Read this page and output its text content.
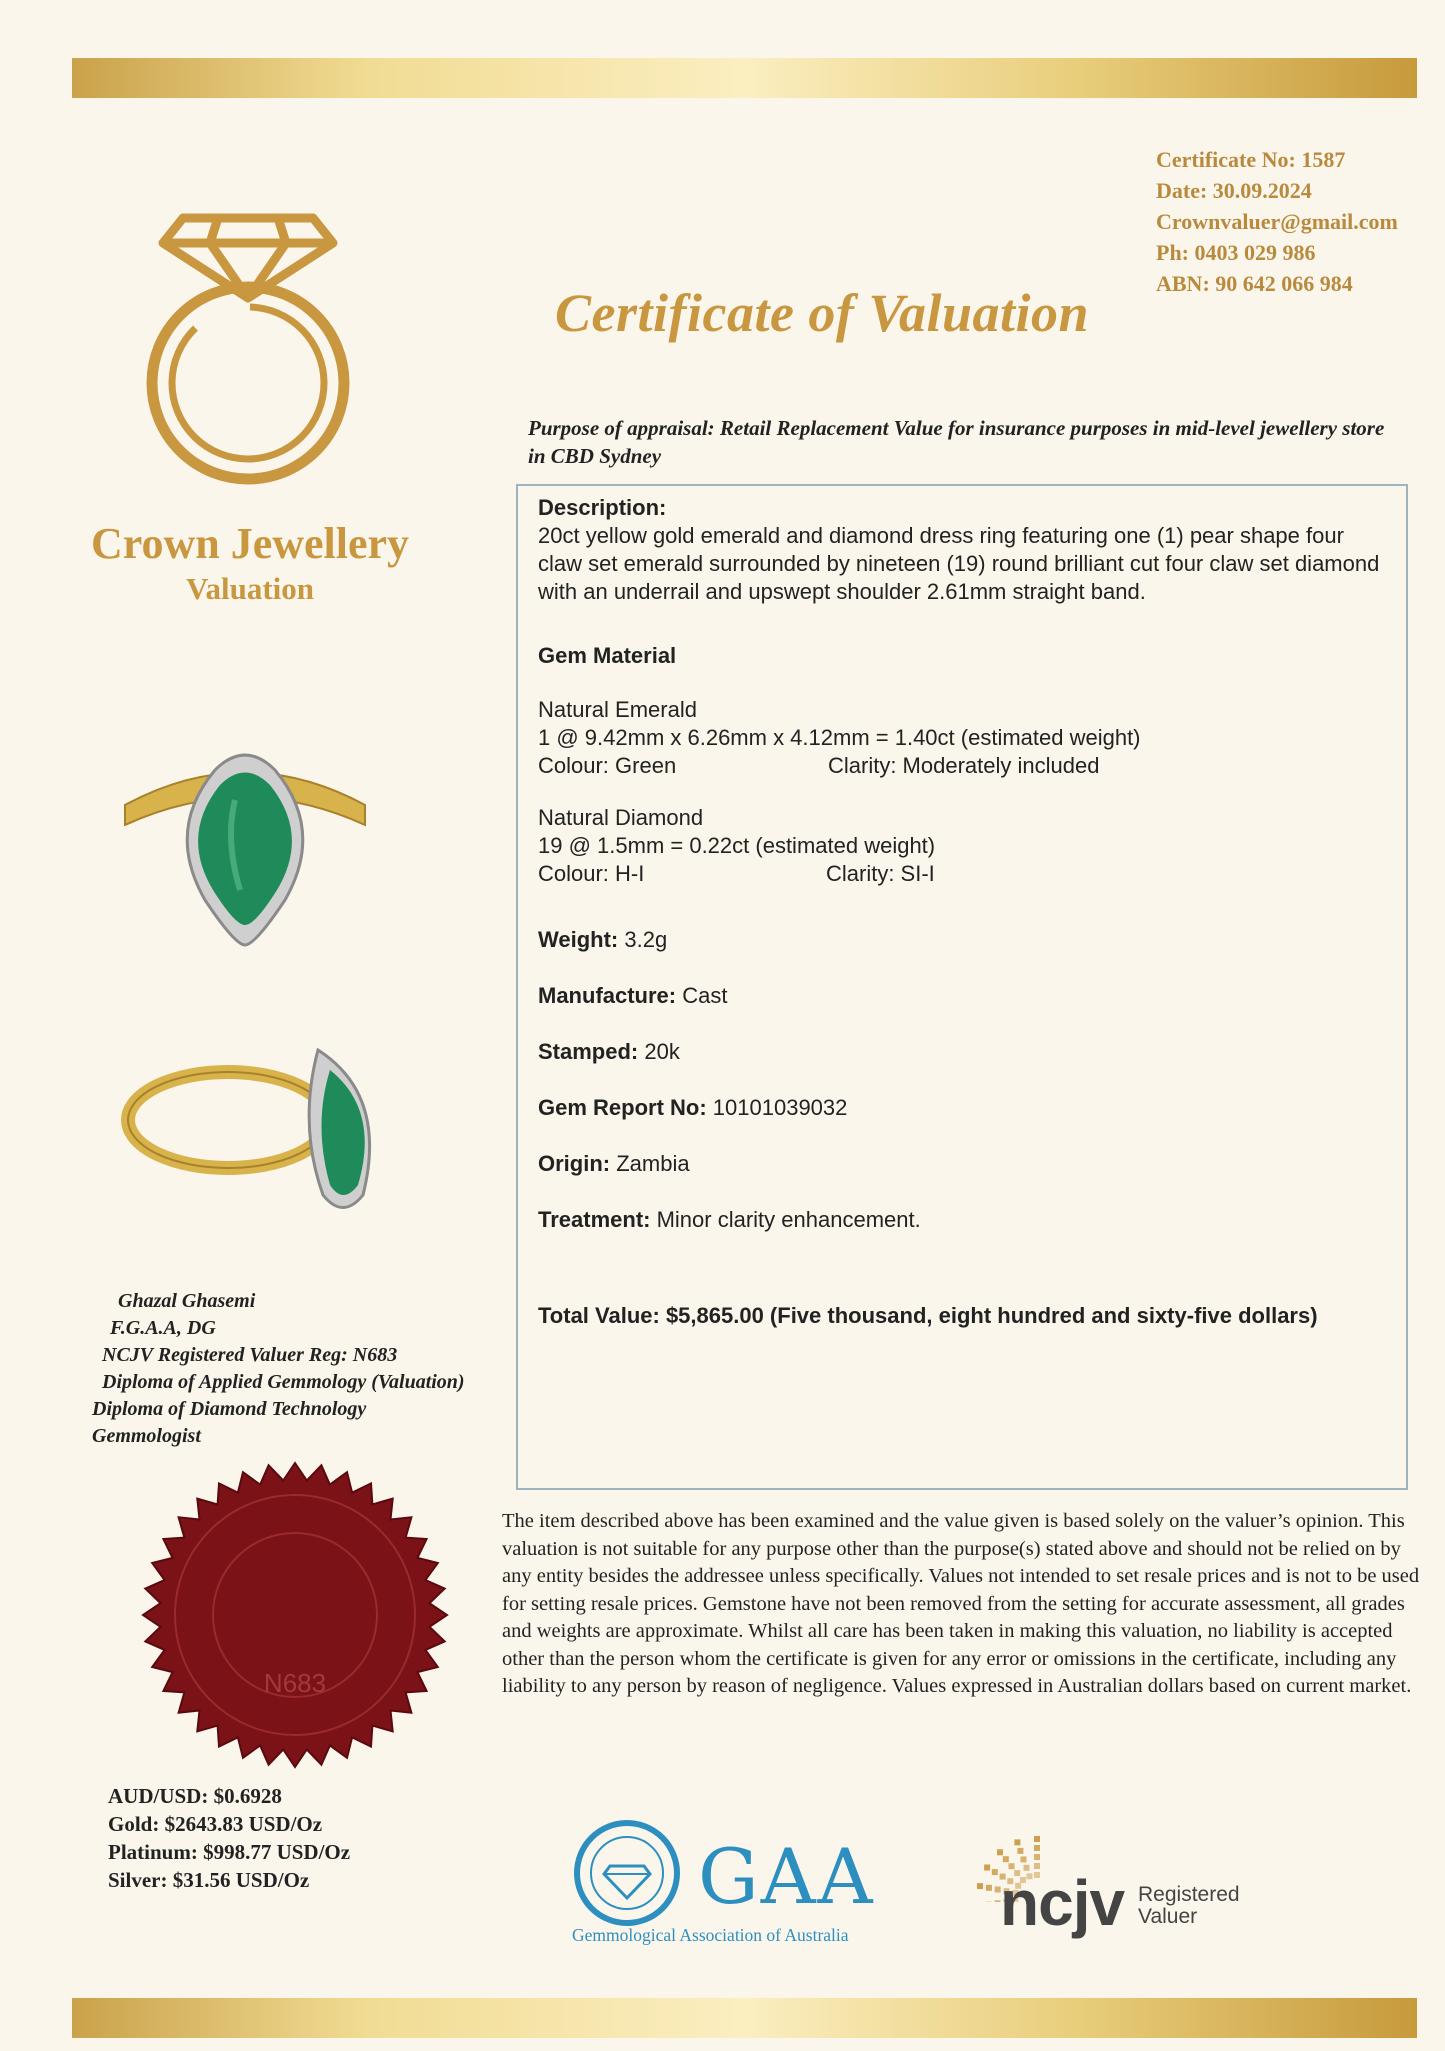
Crown Jewellery
Valuation
Certificate No: 1587
Date: 30.09.2024
Crownvaluer@gmail.com
Ph: 0403 029 986
ABN: 90 642 066 984
Certificate of Valuation
Purpose of appraisal: Retail Replacement Value for insurance purposes in mid-level jewellery store in CBD Sydney
Description:
20ct yellow gold emerald and diamond dress ring featuring one (1) pear shape four claw set emerald surrounded by nineteen (19) round brilliant cut four claw set diamond with an underrail and upswept shoulder 2.61mm straight band.
Gem Material
Natural Emerald
1 @ 9.42mm x 6.26mm x 4.12mm = 1.40ct (estimated weight)
Colour: Green	Clarity: Moderately included
Natural Diamond
19 @ 1.5mm = 0.22ct (estimated weight)
Colour: H-I	Clarity: SI-I
Weight: 3.2g
Manufacture: Cast
Stamped: 20k
Gem Report No: 10101039032
Origin: Zambia
Treatment: Minor clarity enhancement.
Total Value: $5,865.00 (Five thousand, eight hundred and sixty-five dollars)
Ghazal Ghasemi
F.G.A.A, DG
NCJV Registered Valuer Reg: N683
Diploma of Applied Gemmology (Valuation)
Diploma of Diamond Technology
Gemmologist
N683
The item described above has been examined and the value given is based solely on the valuer’s opinion. This valuation is not suitable for any purpose other than the purpose(s) stated above and should not be relied on by any entity besides the addressee unless specifically. Values not intended to set resale prices and is not to be used for setting resale prices. Gemstone have not been removed from the setting for accurate assessment, all grades and weights are approximate. Whilst all care has been taken in making this valuation, no liability is accepted other than the person whom the certificate is given for any error or omissions in the certificate, including any liability to any person by reason of negligence. Values expressed in Australian dollars based on current market.
AUD/USD: $0.6928
Gold: $2643.83 USD/Oz
Platinum: $998.77 USD/Oz
Silver: $31.56 USD/Oz	GAA
Gemmological Association of Australia ncjv Registered
Valuer
